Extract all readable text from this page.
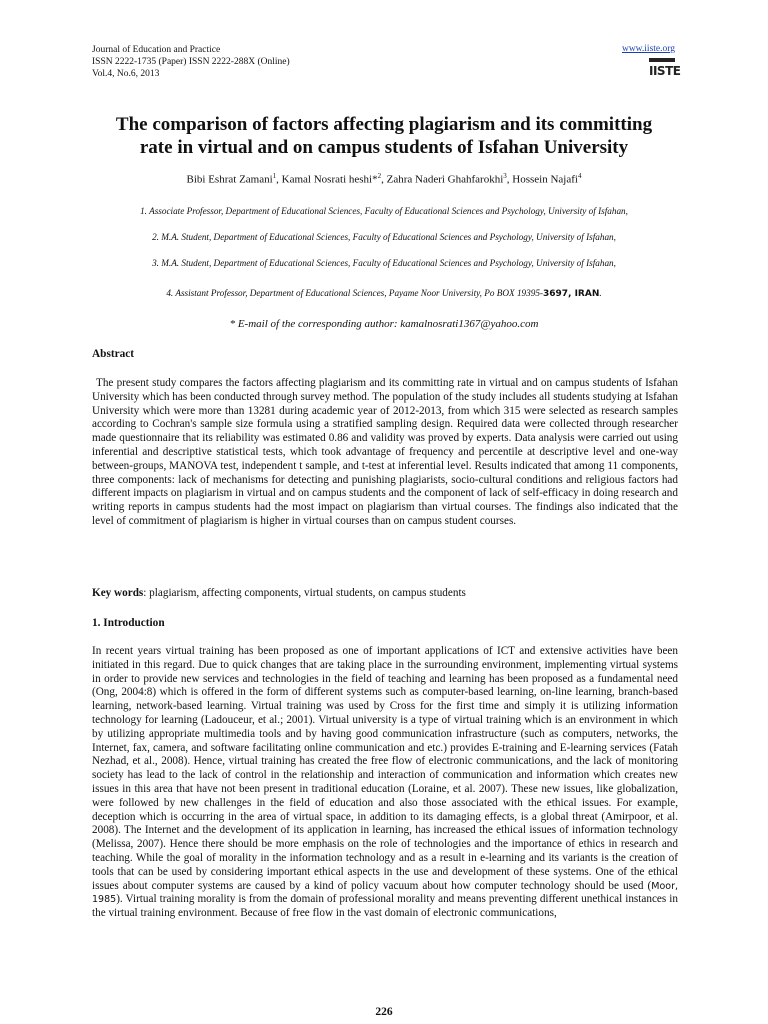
Journal of Education and Practice
ISSN 2222-1735 (Paper) ISSN 2222-288X (Online)
Vol.4, No.6, 2013
www.iiste.org
IISTE
The comparison of factors affecting plagiarism and its committing
rate in virtual and on campus students of Isfahan University
Bibi Eshrat Zamani$^1$, Kamal Nosrati heshi*$^2$, Zahra Naderi Ghahfarokhi$^3$, Hossein Najafi$^4$
1. Associate Professor, Department of Educational Sciences, Faculty of Educational Sciences and Psychology, University of Isfahan,
2. M.A. Student, Department of Educational Sciences, Faculty of Educational Sciences and Psychology, University of Isfahan,
3. M.A. Student, Department of Educational Sciences, Faculty of Educational Sciences and Psychology, University of Isfahan,
4. Assistant Professor, Department of Educational Sciences, Payame Noor University, Po BOX 19395-3697, IRAN.
* E-mail of the corresponding author: kamalnosrati1367@yahoo.com
Abstract
The present study compares the factors affecting plagiarism and its committing rate in virtual and on campus students of Isfahan University which has been conducted through survey method. The population of the study includes all students studying at Isfahan University which were more than 13281 during academic year of 2012-2013, from which 315 were selected as research samples according to Cochran's sample size formula using a stratified sampling design. Required data were collected through researcher made questionnaire that its reliability was estimated 0.86 and validity was proved by experts. Data analysis were carried out using inferential and descriptive statistical tests, which took advantage of frequency and percentile at descriptive level and one-way between-groups, MANOVA test, independent t sample, and t-test at inferential level. Results indicated that among 11 components, three components: lack of mechanisms for detecting and punishing plagiarists, socio-cultural conditions and religious factors had different impacts on plagiarism in virtual and on campus students and the component of lack of self-efficacy in doing research and writing reports in campus students had the most impact on plagiarism than virtual courses. The findings also indicated that the level of commitment of plagiarism is higher in virtual courses than on campus student courses.
Key words: plagiarism, affecting components, virtual students, on campus students
1. Introduction
In recent years virtual training has been proposed as one of important applications of ICT and extensive activities have been initiated in this regard. Due to quick changes that are taking place in the surrounding environment, implementing virtual systems in order to provide new services and technologies in the field of teaching and learning has been proposed as a fundamental need (Ong, 2004:8) which is offered in the form of different systems such as computer-based learning, on-line learning, branch-based learning, network-based learning. Virtual training was used by Cross for the first time and simply it is utilizing information technology for learning (Ladouceur, et al.; 2001). Virtual university is a type of virtual training which is an environment in which by utilizing appropriate multimedia tools and by having good communication infrastructure (such as computers, networks, the Internet, fax, camera, and software facilitating online communication and etc.) provides E-training and E-learning services (Fatah Nezhad, et al., 2008). Hence, virtual training has created the free flow of electronic communications, and the lack of monitoring society has lead to the lack of control in the relationship and interaction of communication and information which creates new issues in this area that have not been present in traditional education (Loraine, et al. 2007). These new issues, like globalization, were followed by new challenges in the field of education and also those associated with the ethical issues. For example, deception which is occurring in the area of virtual space, in addition to its damaging effects, is a global threat (Amirpoor, et al. 2008). The Internet and the development of its application in learning, has increased the ethical issues of information technology (Melissa, 2007). Hence there should be more emphasis on the role of technologies and the importance of ethics in research and teaching. While the goal of morality in the information technology and as a result in e-learning and its variants is the creation of tools that can be used by considering important ethical aspects in the use and development of these systems. One of the ethical issues about computer systems are caused by a kind of policy vacuum about how computer technology should be used (Moor, 1985). Virtual training morality is from the domain of professional morality and means preventing different unethical instances in the virtual training environment. Because of free flow in the vast domain of electronic communications,
226
